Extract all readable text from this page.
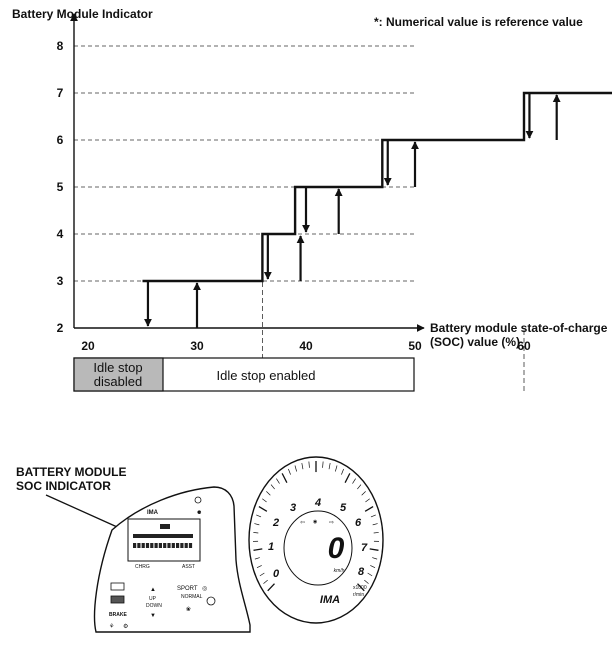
Battery Module Indicator
*: Numerical value is reference value
2
3
4
5
6
7
8
20	30	40	50	60
Battery module state-of-charge
(SOC) value (%)
Idle stop
disabled	Idle stop enabled
BATTERY MODULE
SOC INDICATOR
IMA	⚈
CHRG	ASST
BRAKE
⚘ ⚙
▲
UP
DOWN
▼
SPORT
NORMAL
◎
❀
1
2
3 4 5
6
7
8
0
⇦ ◉ ⇨
0
km/h
x1000
r/min
IMA
